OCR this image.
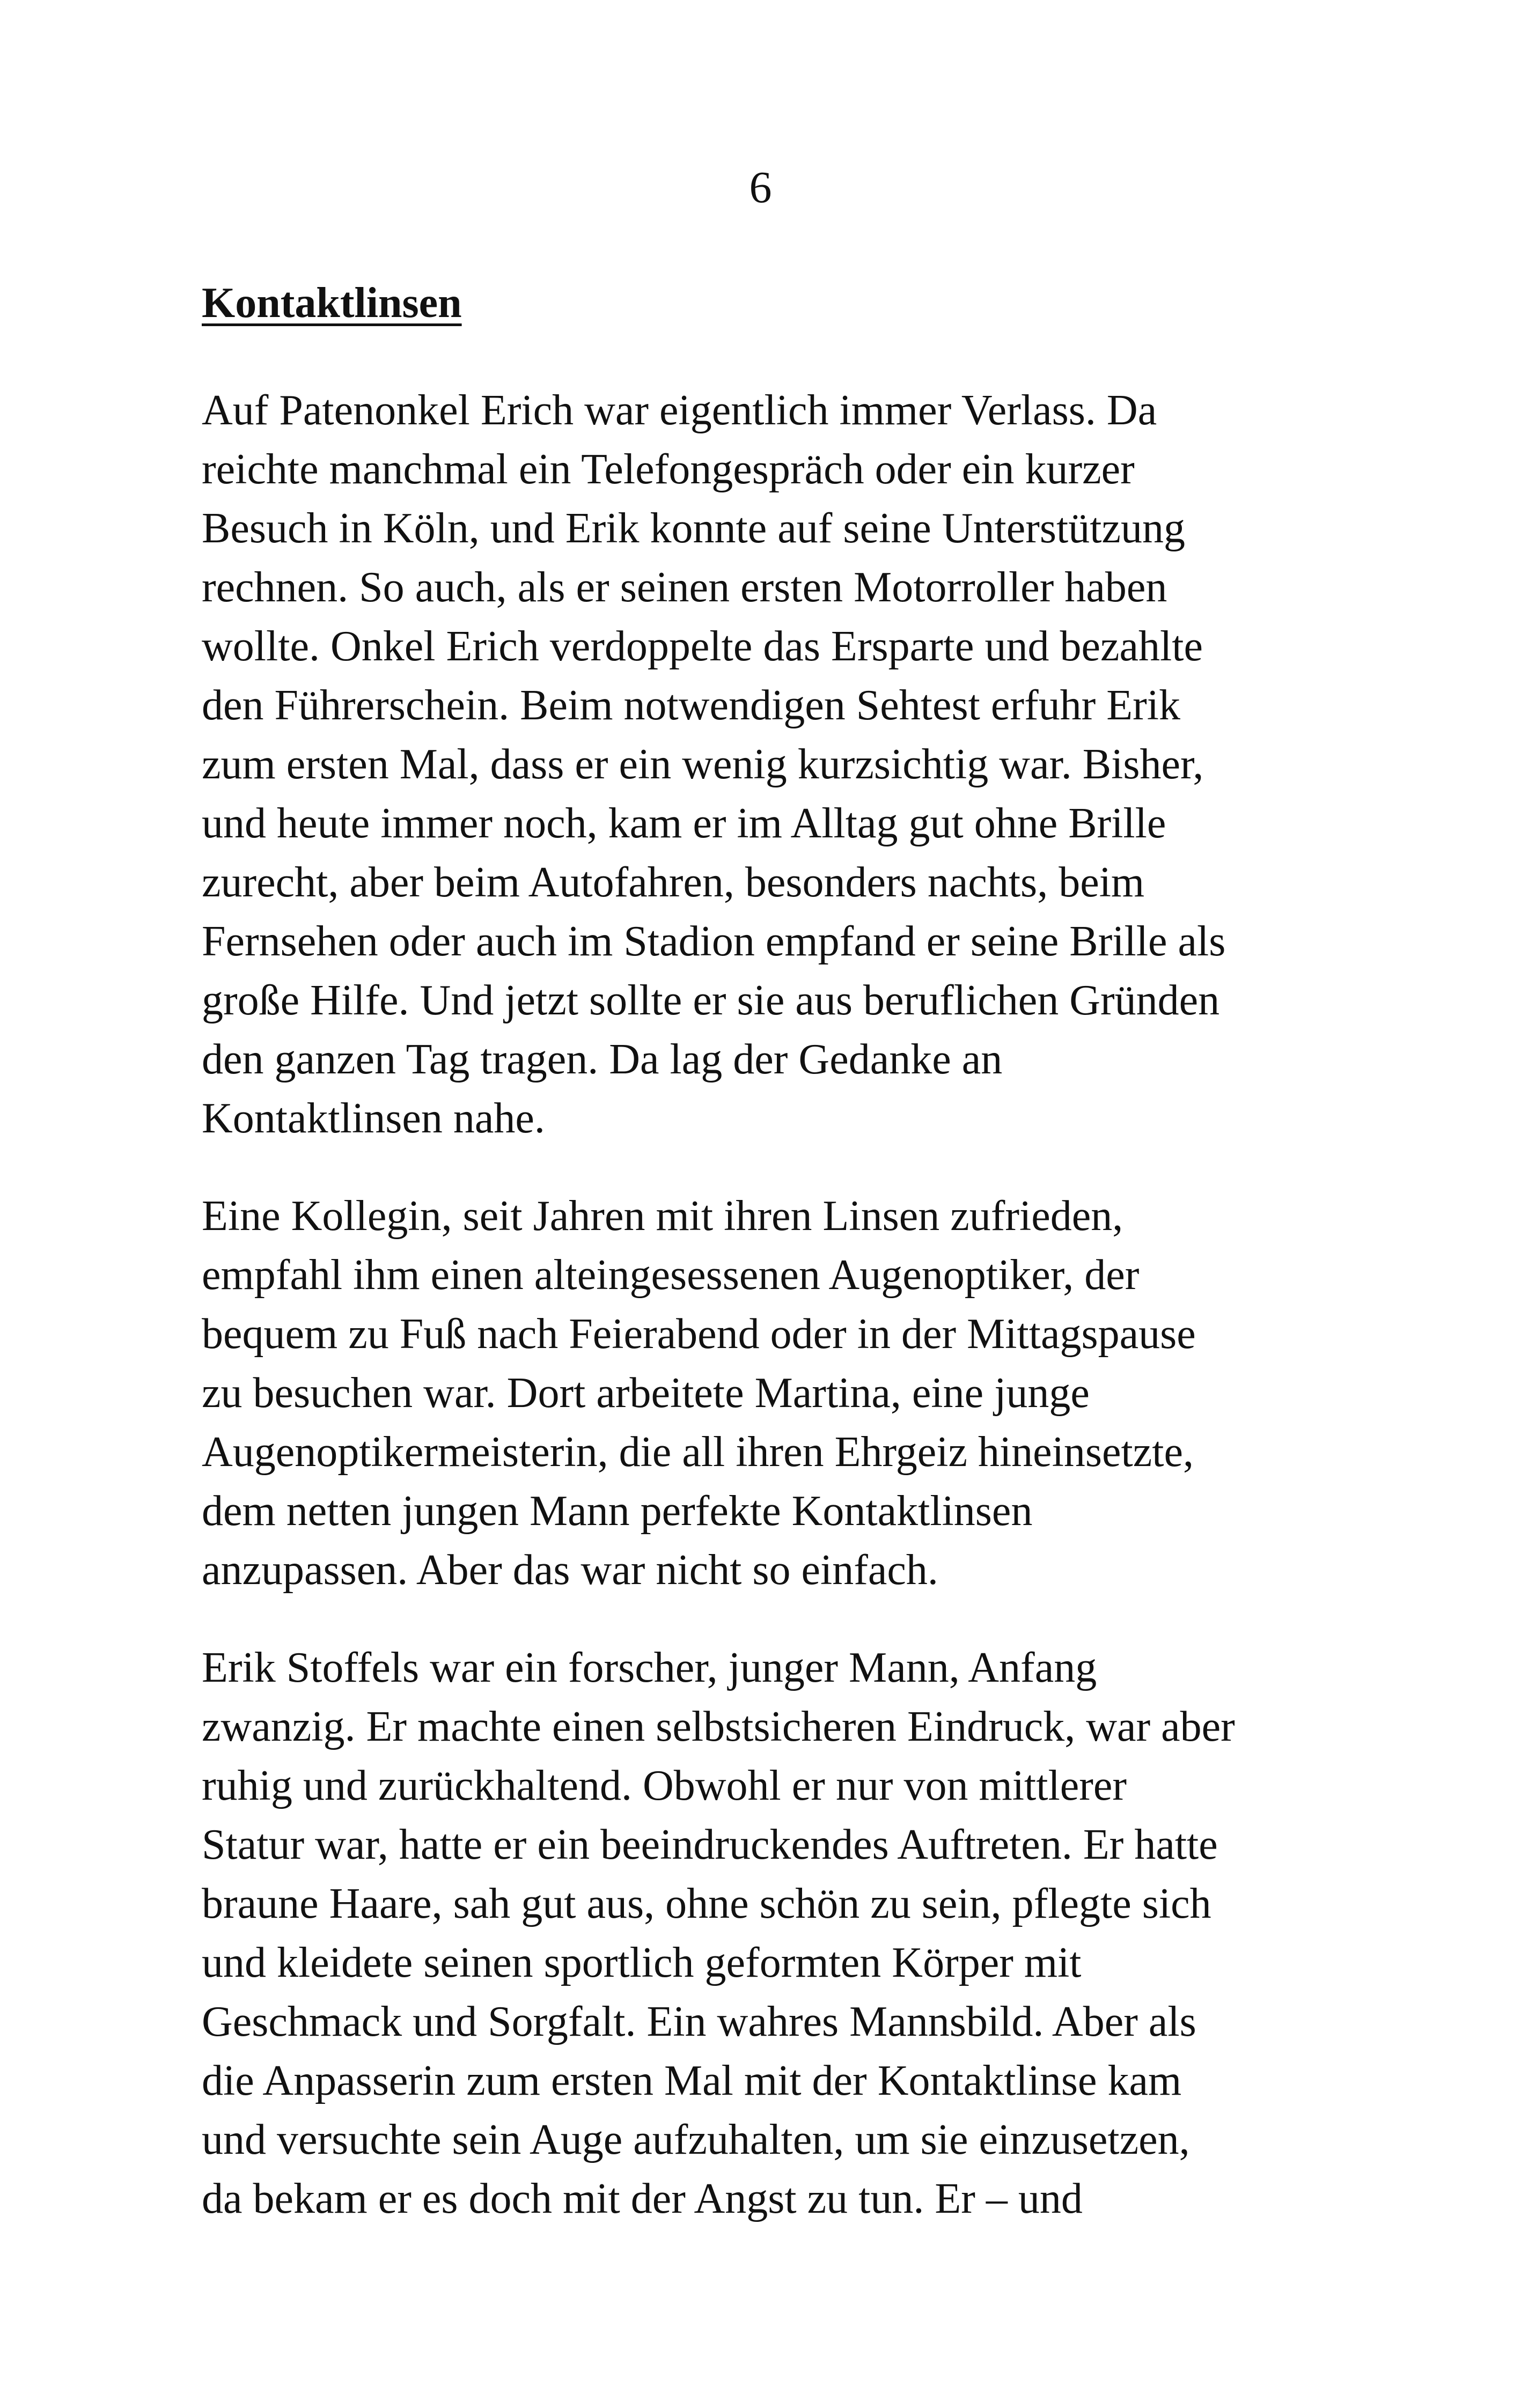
6
Kontaktlinsen
Auf Patenonkel Erich war eigentlich immer Verlass. Da
reichte manchmal ein Telefongespräch oder ein kurzer
Besuch in Köln, und Erik konnte auf seine Unterstützung
rechnen. So auch, als er seinen ersten Motorroller haben
wollte. Onkel Erich verdoppelte das Ersparte und bezahlte
den Führerschein. Beim notwendigen Sehtest erfuhr Erik
zum ersten Mal, dass er ein wenig kurzsichtig war. Bisher,
und heute immer noch, kam er im Alltag gut ohne Brille
zurecht, aber beim Autofahren, besonders nachts, beim
Fernsehen oder auch im Stadion empfand er seine Brille als
große Hilfe. Und jetzt sollte er sie aus beruflichen Gründen
den ganzen Tag tragen. Da lag der Gedanke an
Kontaktlinsen nahe.
Eine Kollegin, seit Jahren mit ihren Linsen zufrieden,
empfahl ihm einen alteingesessenen Augenoptiker, der
bequem zu Fuß nach Feierabend oder in der Mittagspause
zu besuchen war. Dort arbeitete Martina, eine junge
Augenoptikermeisterin, die all ihren Ehrgeiz hineinsetzte,
dem netten jungen Mann perfekte Kontaktlinsen
anzupassen. Aber das war nicht so einfach.
Erik Stoffels war ein forscher, junger Mann, Anfang
zwanzig. Er machte einen selbstsicheren Eindruck, war aber
ruhig und zurückhaltend. Obwohl er nur von mittlerer
Statur war, hatte er ein beeindruckendes Auftreten. Er hatte
braune Haare, sah gut aus, ohne schön zu sein, pflegte sich
und kleidete seinen sportlich geformten Körper mit
Geschmack und Sorgfalt. Ein wahres Mannsbild. Aber als
die Anpasserin zum ersten Mal mit der Kontaktlinse kam
und versuchte sein Auge aufzuhalten, um sie einzusetzen,
da bekam er es doch mit der Angst zu tun. Er – und
